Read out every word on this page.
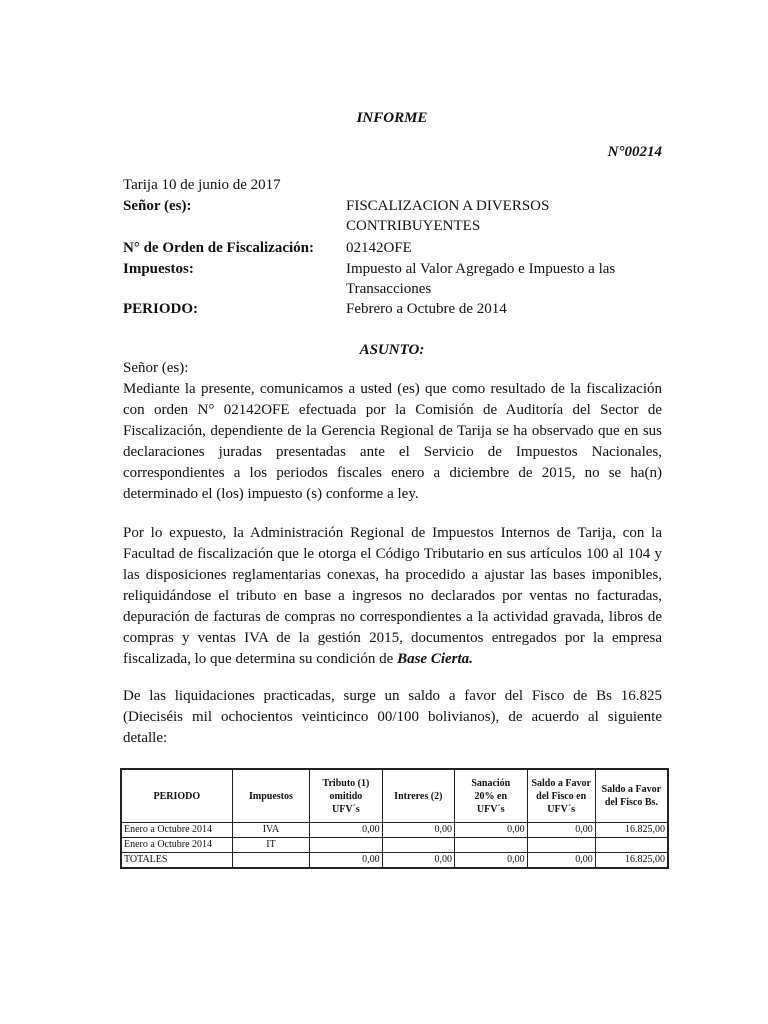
INFORME
N°00214
Tarija 10 de junio de 2017
Señor (es):	FISCALIZACION A DIVERSOS
CONTRIBUYENTES
N° de Orden de Fiscalización: 02142OFE
Impuestos:	Impuesto al Valor Agregado e Impuesto a las
Transacciones
PERIODO:	Febrero a Octubre de 2014
ASUNTO:
Señor (es):
Mediante la presente, comunicamos a usted (es) que como resultado de la fiscalización
con orden N° 02142OFE efectuada por la Comisión de Auditoría del Sector de
Fiscalización, dependiente de la Gerencia Regional de Tarija se ha observado que en sus
declaraciones juradas presentadas ante el Servicio de Impuestos Nacionales,
correspondientes a los periodos fiscales enero a diciembre de 2015, no se ha(n)
determinado el (los) impuesto (s) conforme a ley.
Por lo expuesto, la Administración Regional de Impuestos Internos de Tarija, con la
Facultad de fiscalización que le otorga el Código Tributario en sus artículos 100 al 104 y
las disposiciones reglamentarias conexas, ha procedido a ajustar las bases imponibles,
reliquidándose el tributo en base a ingresos no declarados por ventas no facturadas,
depuración de facturas de compras no correspondientes a la actividad gravada, libros de
compras y ventas IVA de la gestión 2015, documentos entregados por la empresa
fiscalizada, lo que determina su condición de Base Cierta.
De las liquidaciones practicadas, surge un saldo a favor del Fisco de Bs 16.825
(Dieciséis mil ochocientos veinticinco 00/100 bolivianos), de acuerdo al siguiente
detalle:
PERIODO	Impuestos	Tributo (1)
omitido
UFV´s	Intreres (2)	Sanación
20% en
UFV´s	Saldo a Favor
del Fisco en
UFV´s	Saldo a Favor
del Fisco Bs.
Enero a Octubre 2014	IVA	0,00	0,00	0,00	0,00	16.825,00
Enero a Octubre 2014	IT					
TOTALES		0,00	0,00	0,00	0,00	16.825,00
